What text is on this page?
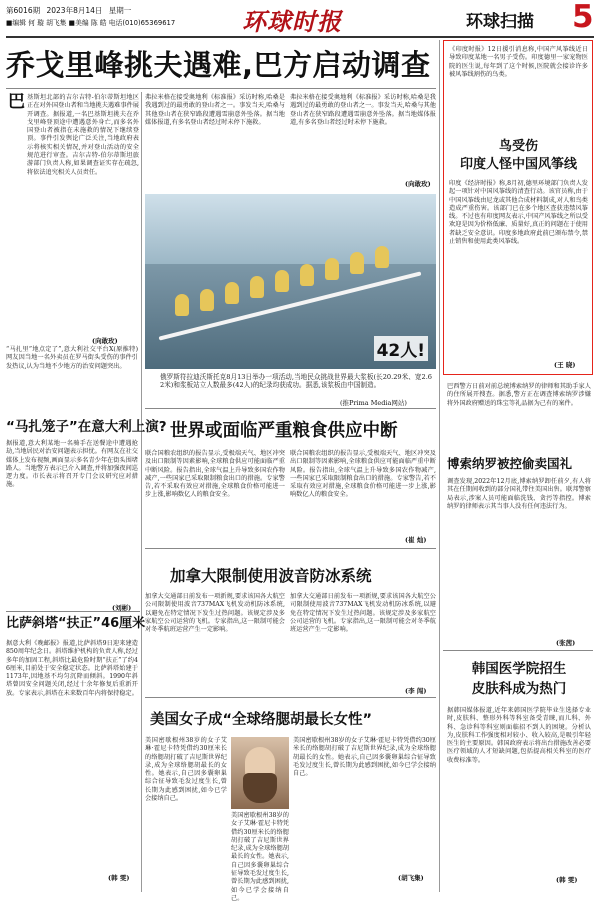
第6016期 2023年8月14日 星期一
■编辑 何 璇 胡飞集 ■美编 陈 皓 电话(010)65369617	环球时报	环球扫描 5
乔戈里峰挑夫遇难,巴方启动调查
巴 基斯坦北部的吉尔吉特-伯尔蒂斯坦地区正在对外国登山者和当地挑夫遇难事件展开调查。据报道,一名巴基斯坦挑夫在乔戈里峰登顶途中遭遇意外身亡,而多名外国登山者被指在未施救的情况下继续登顶。事件引发舆论广泛关注,当地政府表示将核实相关情况,并对登山活动的安全规范进行审查。吉尔吉特-伯尔蒂斯坦旅游部门负责人称,如果调查证实存在疏忽,将依法追究相关人员责任。
(向敢玫)
弗拉米格在接受奥地利《标准报》采访时称,哈桑是我遇到过的最勇敢的登山者之一。事发当天,哈桑与其他登山者在狭窄路段遭遇雪崩意外坠落。据当地媒体报道,有多名登山者经过时未停下施救。
弗拉米格在接受奥地利《标准报》采访时称,哈桑是我遇到过的最勇敢的登山者之一。事发当天,哈桑与其他登山者在狭窄路段遭遇雪崩意外坠落。据当地媒体报道,有多名登山者经过时未停下施救。
(向敢玫)
42人!
俄罗斯符拉迪沃斯托克8月13日举办一项活动,当地民众挑战世界最大浆板(长20.29米、宽2.62米)和浆板站立人数最多(42人)的纪录均获成功。据悉,该浆板由中国制造。
(推Prima Media网站)
“马扎里”地点定了”,意大利社交平台X(原推特)网友因当地一名外卖员在罗马街头受伤的事件引发热议,认为当地不少地方的治安问题突出。
“马扎笼子”在意大利上演?
据报道,意大利某地一名骑手在送餐途中遭遇抢劫,当地居民对治安问题表示担忧。有网友在社交媒体上发布视频,画面显示多名青少年在街头围堵路人。当地警方表示已介入调查,并将加强夜间巡逻力度。市长表示将召开专门会议研究应对措施。
(刘彬)
比萨斜塔“扶正”46厘米
据意大利《晚邮报》报道,比萨斜塔9日迎来建造850周年纪念日。斜塔维护机构的负责人称,经过多年的加固工程,斜塔比最危险时期“扶正”了约46厘米,目前处于安全稳定状态。比萨斜塔始建于1173年,因地基不均匀沉降而倾斜。1990年斜塔曾因安全问题关闭,经过十余年修复后重新开放。专家表示,斜塔在未来数百年内将保持稳定。
(韩 雯)
世界或面临严重粮食供应中断
联合国粮农组织的报告显示,受极端天气、地区冲突及出口限制等因素影响,全球粮食供应可能面临严重中断风险。报告指出,全球气温上升导致多国农作物减产,一些国家已采取限制粮食出口的措施。专家警告,若不采取有效应对措施,全球粮食价格可能进一步上涨,影响数亿人的粮食安全。
联合国粮农组织的报告显示,受极端天气、地区冲突及出口限制等因素影响,全球粮食供应可能面临严重中断风险。报告指出,全球气温上升导致多国农作物减产,一些国家已采取限制粮食出口的措施。专家警告,若不采取有效应对措施,全球粮食价格可能进一步上涨,影响数亿人的粮食安全。
(崔 灿)
加拿大限制使用波音防冰系统
加拿大交通部日前发布一项新规,要求该国各大航空公司限制使用波音737MAX飞机发动机防冰系统,以避免在特定情况下发生过热问题。该规定涉及多家航空公司运营的飞机。专家指出,这一限制可能会对冬季航班运营产生一定影响。
加拿大交通部日前发布一项新规,要求该国各大航空公司限制使用波音737MAX飞机发动机防冰系统,以避免在特定情况下发生过热问题。该规定涉及多家航空公司运营的飞机。专家指出,这一限制可能会对冬季航班运营产生一定影响。
(李 闯)
美国女子成“全球络腮胡最长女性”
美国密歇根州38岁的女子艾琳·霍尼卡特凭借约30厘米长的络腮胡打破了吉尼斯世界纪录,成为全球络腮胡最长的女性。她表示,自己因多囊卵巢综合征导致毛发过度生长,曾长期为此感到困扰,如今已学会接纳自己。
美国密歇根州38岁的女子艾琳·霍尼卡特凭借约30厘米长的络腮胡打破了吉尼斯世界纪录,成为全球络腮胡最长的女性。她表示,自己因多囊卵巢综合征导致毛发过度生长,曾长期为此感到困扰,如今已学会接纳自己。
美国密歇根州38岁的女子艾琳·霍尼卡特凭借约30厘米长的络腮胡打破了吉尼斯世界纪录,成为全球络腮胡最长的女性。她表示,自己因多囊卵巢综合征导致毛发过度生长,曾长期为此感到困扰,如今已学会接纳自己。
(胡飞集)
《印度时报》12日援引消息称,中国产风筝线近日导致印度某地一名男子受伤。印度德里一家宠物医院的医生说,每年到了这个时候,医院就会接诊许多被风筝线割伤的鸟类。
鸟受伤
印度人怪中国风筝线
印度《经济时报》称,8月初,德里环境部门负责人发起一项针对中国风筝线的清查行动。该官员称,由于中国风筝线由尼龙或其他合成材料制成,对人和鸟类造成严重伤害。该部门已在多个地区查获违禁风筝线。不过也有印度网友表示,中国产风筝线之所以受欢迎是因为价格低廉、质量好,真正的问题在于使用者缺乏安全意识。印度多地政府此前已颁布禁令,禁止销售和使用此类风筝线。
(王 晓)
巴西警方日前对前总统博索纳罗的律师和其助手家人的住所展开搜查。据悉,警方正在调查博索纳罗涉嫌将外国政府赠送的珠宝等礼品据为己有的案件。
博索纳罗被控偷卖国礼
调查发现,2022年12月底,博索纳罗卸任前夕,有人将其在任期间收到的部分国礼带往美国出售。联邦警察局表示,涉案人员可能面临洗钱、贪污等指控。博索纳罗的律师表示其当事人没有任何违法行为。
(张茜)
韩国医学院招生
皮肤科成为热门
据韩国媒体报道,近年来韩国医学院毕业生选择专业时,皮肤科、整形外科等科室备受青睐,而儿科、外科、急诊科等科室则面临招不到人的困境。分析认为,皮肤科工作强度相对较小、收入较高,是吸引年轻医生的主要原因。韩国政府表示将出台措施改善必要医疗领域的人才短缺问题,包括提高相关科室的医疗收费标准等。
(韩 雯)
